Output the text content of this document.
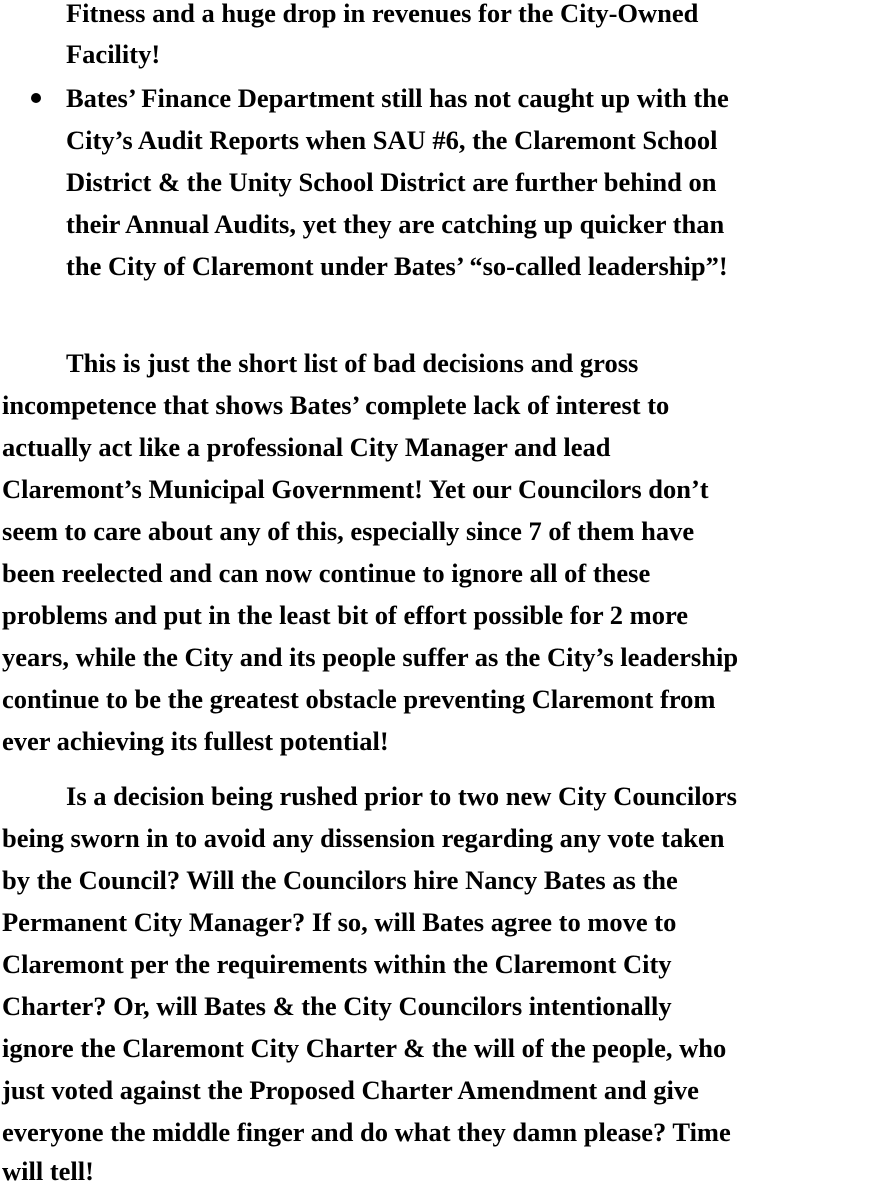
Fitness and a huge drop in revenues for the City-Owned
Facility!
Bates’ Finance Department still has not caught up with the
City’s Audit Reports when SAU #6, the Claremont School
District & the Unity School District are further behind on
their Annual Audits, yet they are catching up quicker than
the City of Claremont under Bates’ “so-called leadership”!
This is just the short list of bad decisions and gross
incompetence that shows Bates’ complete lack of interest to
actually act like a professional City Manager and lead
Claremont’s Municipal Government! Yet our Councilors don’t
seem to care about any of this, especially since 7 of them have
been reelected and can now continue to ignore all of these
problems and put in the least bit of effort possible for 2 more
years, while the City and its people suffer as the City’s leadership
continue to be the greatest obstacle preventing Claremont from
ever achieving its fullest potential!
Is a decision being rushed prior to two new City Councilors
being sworn in to avoid any dissension regarding any vote taken
by the Council? Will the Councilors hire Nancy Bates as the
Permanent City Manager? If so, will Bates agree to move to
Claremont per the requirements within the Claremont City
Charter? Or, will Bates & the City Councilors intentionally
ignore the Claremont City Charter & the will of the people, who
just voted against the Proposed Charter Amendment and give
everyone the middle finger and do what they damn please? Time
will tell!
